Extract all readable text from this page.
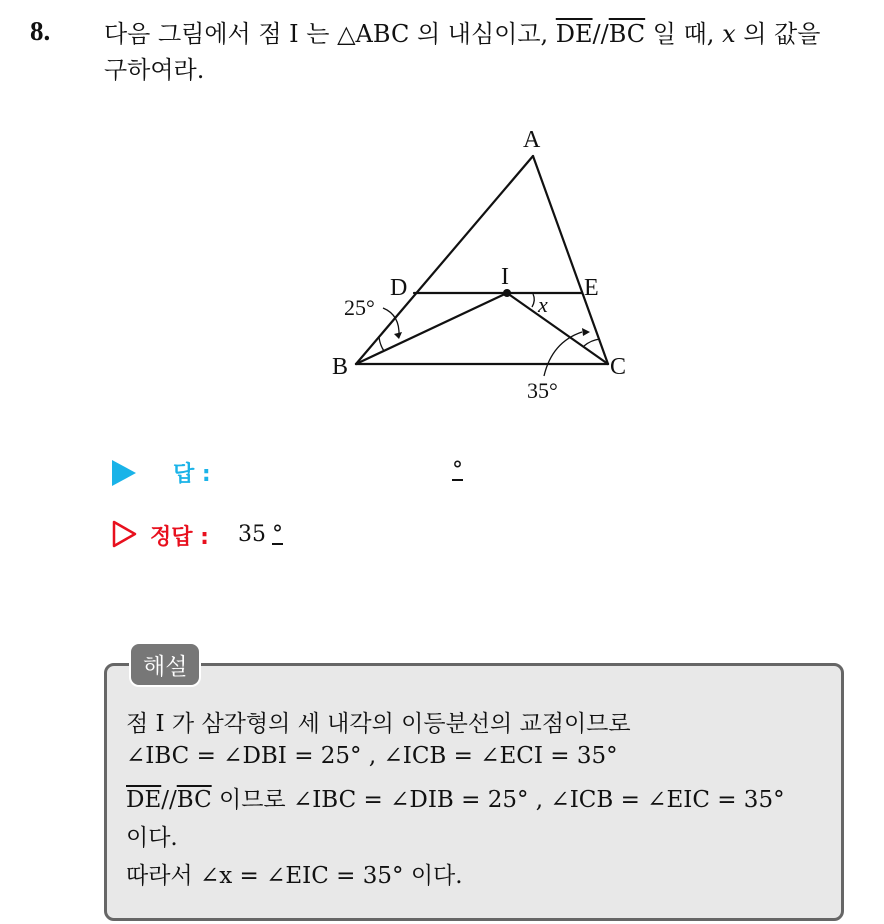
8. 다음 그림에서 점 I 는 △ABC 의 내심이고, $\overline{DE}//\overline{BC}$ 일 때, x 의 값을
구하여라.
A
B	C
D	E
I
x
25°
35°
답 :	°
정답 : 35 °
해설
점 I 가 삼각형의 세 내각의 이등분선의 교점이므로
∠IBC = ∠DBI = 25° , ∠ICB = ∠ECI = 35°
$\overline{DE}//\overline{BC}$ 이므로 ∠IBC = ∠DIB = 25° , ∠ICB = ∠EIC = 35°
이다.
따라서 ∠x = ∠EIC = 35° 이다.
